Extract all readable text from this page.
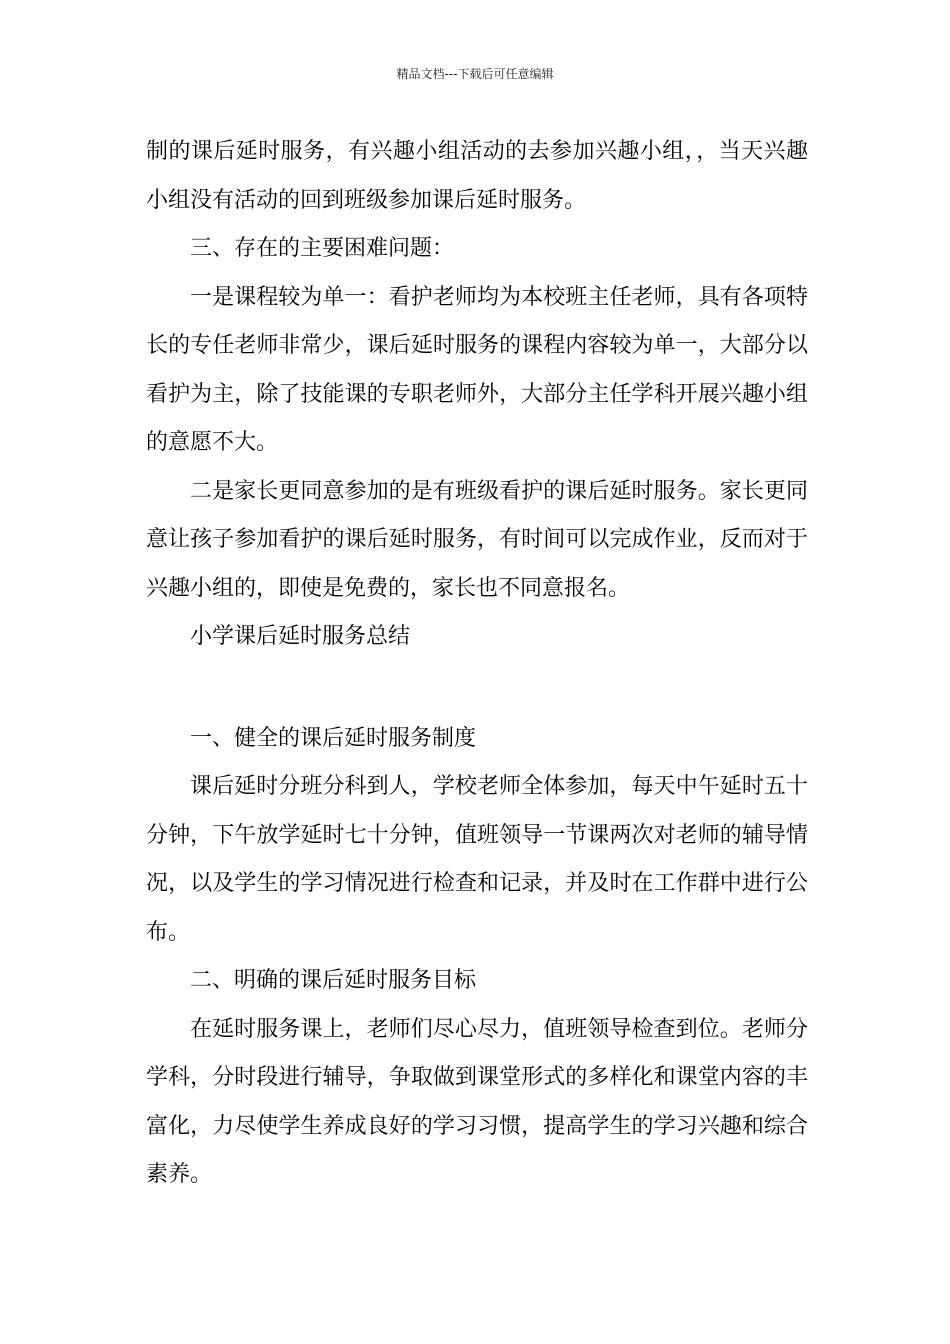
精品文档---下载后可任意编辑

制的课后延时服务，有兴趣小组活动的去参加兴趣小组，，当天兴趣小组没有活动的回到班级参加课后延时服务。

三、存在的主要困难问题：

一是课程较为单一：看护老师均为本校班主任老师，具有各项特长的专任老师非常少，课后延时服务的课程内容较为单一，大部分以看护为主，除了技能课的专职老师外，大部分主任学科开展兴趣小组的意愿不大。

二是家长更同意参加的是有班级看护的课后延时服务。家长更同意让孩子参加看护的课后延时服务，有时间可以完成作业，反而对于兴趣小组的，即使是免费的，家长也不同意报名。

小学课后延时服务总结

一、健全的课后延时服务制度

课后延时分班分科到人，学校老师全体参加，每天中午延时五十分钟，下午放学延时七十分钟，值班领导一节课两次对老师的辅导情况，以及学生的学习情况进行检查和记录，并及时在工作群中进行公布。

二、明确的课后延时服务目标

在延时服务课上，老师们尽心尽力，值班领导检查到位。老师分学科，分时段进行辅导，争取做到课堂形式的多样化和课堂内容的丰富化，力尽使学生养成良好的学习习惯，提高学生的学习兴趣和综合素养。
